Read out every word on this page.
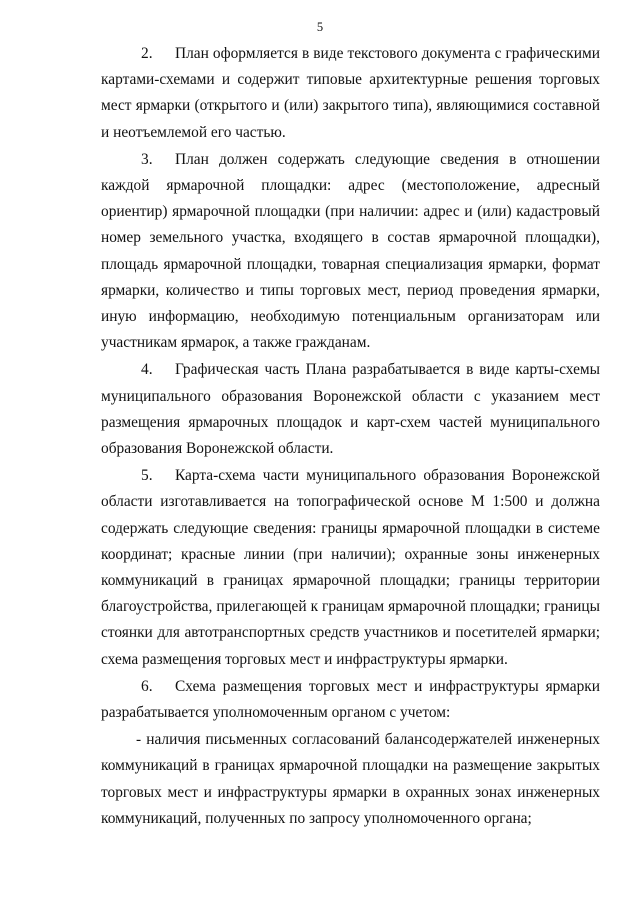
5

2. План оформляется в виде текстового документа с графическими картами-схемами и содержит типовые архитектурные решения торговых мест ярмарки (открытого и (или) закрытого типа), являющимися составной и неотъемлемой его частью.

3. План должен содержать следующие сведения в отношении каждой ярмарочной площадки: адрес (местоположение, адресный ориентир) ярмарочной площадки (при наличии: адрес и (или) кадастровый номер земельного участка, входящего в состав ярмарочной площадки), площадь ярмарочной площадки, товарная специализация ярмарки, формат ярмарки, количество и типы торговых мест, период проведения ярмарки, иную информацию, необходимую потенциальным организаторам или участникам ярмарок, а также гражданам.

4. Графическая часть Плана разрабатывается в виде карты-схемы муниципального образования Воронежской области с указанием мест размещения ярмарочных площадок и карт-схем частей муниципального образования Воронежской области.

5. Карта-схема части муниципального образования Воронежской области изготавливается на топографической основе М 1:500 и должна содержать следующие сведения: границы ярмарочной площадки в системе координат; красные линии (при наличии); охранные зоны инженерных коммуникаций в границах ярмарочной площадки; границы территории благоустройства, прилегающей к границам ярмарочной площадки; границы стоянки для автотранспортных средств участников и посетителей ярмарки; схема размещения торговых мест и инфраструктуры ярмарки.

6. Схема размещения торговых мест и инфраструктуры ярмарки разрабатывается уполномоченным органом с учетом:

- наличия письменных согласований балансодержателей инженерных коммуникаций в границах ярмарочной площадки на размещение закрытых торговых мест и инфраструктуры ярмарки в охранных зонах инженерных коммуникаций, полученных по запросу уполномоченного органа;
